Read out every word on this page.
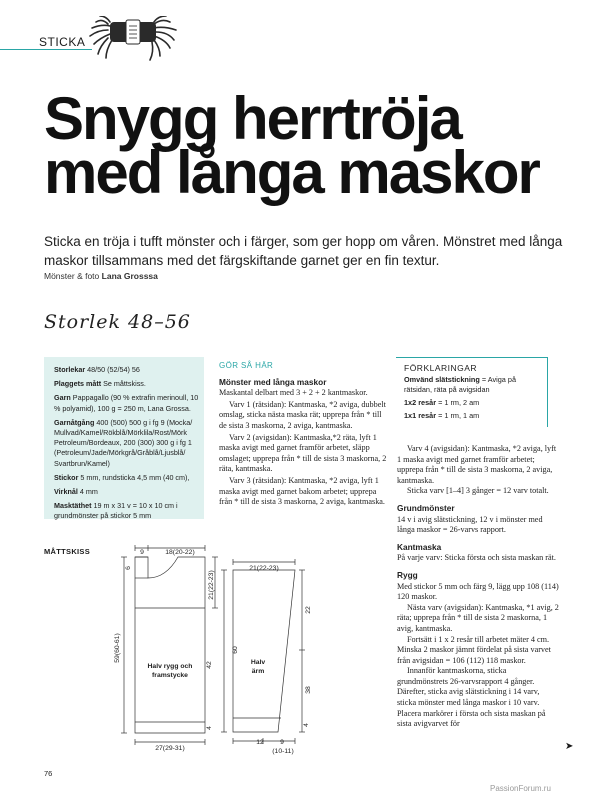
STICKA
Snygg herrtröja
med långa maskor
Sticka en tröja i tufft mönster och i färger, som ger hopp om våren. Mönstret med långa maskor tillsammans med det färgskiftande garnet ger en fin textur.
Mönster & foto Lana Grosssa
Storlek 48–56

Storlekar 48/50 (52/54) 56

Plaggets mått Se måttskiss.

Garn Pappagallo (90 % extrafin merinoull, 10 % polyamid), 100 g = 250 m, Lana Grossa.

Garnåtgång 400 (500) 500 g i fg 9 (Mocka/ Mullvad/Kamel/Rökblå/Mörklila/Rost/Mörk Petroleum/Bordeaux, 200 (300) 300 g i fg 1 (Petroleum/Jade/Mörkgrå/Gråblå/Ljusblå/ Svartbrun/Kamel)

Stickor 5 mm, rundsticka 4,5 mm (40 cm),

Virknål 4 mm

Masktäthet 19 m x 31 v = 10 x 10 cm i grundmönster på stickor 5 mm

GÖR SÅ HÄR
Mönster med långa maskor

Maskantal delbart med 3 + 2 + 2 kantmaskor.

Varv 1 (rätsidan): Kantmaska, *2 aviga, dubbelt omslag, sticka nästa maska rät; upprepa från * till de sista 3 maskorna, 2 aviga, kantmaska.

Varv 2 (avigsidan): Kantmaska,*2 räta, lyft 1 maska avigt med garnet framför arbetet, släpp omslaget; upprepa från * till de sista 3 maskorna, 2 räta, kantmaska.

Varv 3 (rätsidan): Kantmaska, *2 aviga, lyft 1 maska avigt med garnet bakom arbetet; upprepa från * till de sista 3 maskorna, 2 aviga, kantmaska.

FÖRKLARINGAR

Omvänd slätstickning = Aviga på rätsidan, räta på avigsidan

1x2 resår = 1 rm, 2 am

1x1 resår = 1 rm, 1 am

Varv 4 (avigsidan): Kantmaska, *2 aviga, lyft 1 maska avigt med garnet framför arbetet; upprepa från * till de sista 3 maskorna, 2 aviga, kantmaska.

Sticka varv [1–4] 3 gånger = 12 varv totalt.

Grundmönster

14 v i avig slätstickning, 12 v i mönster med långa maskor = 26-varvs rapport.

Kantmaska

På varje varv: Sticka första och sista maskan rät.

Rygg

Med stickor 5 mm och färg 9, lägg upp 108 (114) 120 maskor.

Nästa varv (avigsidan): Kantmaska, *1 avig, 2 räta; upprepa från * till de sista 2 maskorna, 1 avig, kantmaska.

Fortsätt i 1 x 2 resår till arbetet mäter 4 cm. Minska 2 maskor jämnt fördelat på sista varvet från avigsidan = 106 (112) 118 maskor.

Innanför kantmaskorna, sticka grundmönstrets 26-varvsrapport 4 gånger. Därefter, sticka avig slätstickning i 14 varv, sticka mönster med långa maskor i 10 varv. Placera markörer i första och sista maskan på sista avigvarvet för

MÅTTSKISS	9	18(20-22)
6
59(60-61)
21(22-23)
42
4
27(29-31)
Halv rygg och
framstycke
21(22-23)
22
60
38
4
Halv
ärm
12 9
(10-11)	➤
76
PassionForum.ru
